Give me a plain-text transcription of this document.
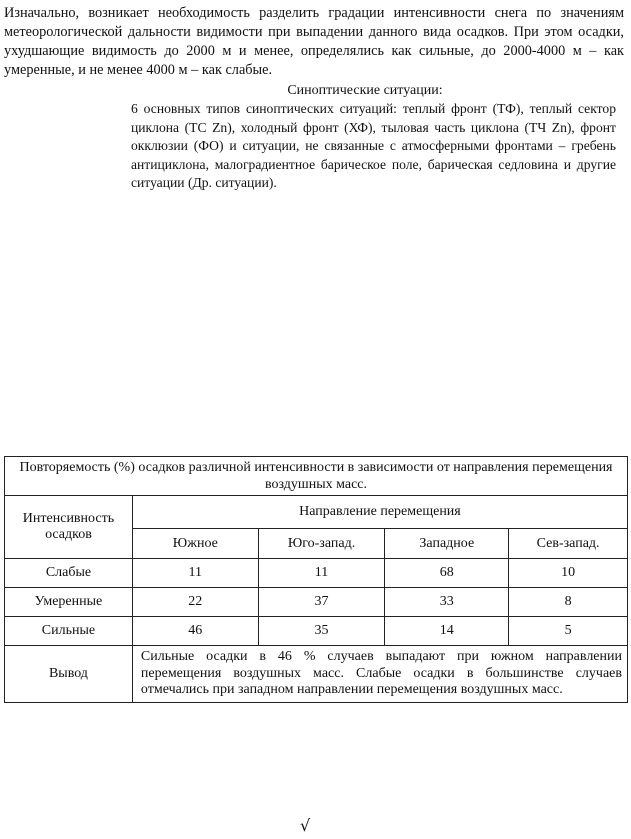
Изначально, возникает необходимость разделить градации интенсивности снега по значениям метеорологической дальности видимости при выпадении данного вида осадков. При этом осадки, ухудшающие видимость до 2000 м и менее, определялись как сильные, до 2000-4000 м – как умеренные, и не менее 4000 м – как слабые.

Синоптические ситуации:
6 основных типов синоптических ситуаций: теплый фронт (ТФ), теплый сектор циклона (ТС Zn), холодный фронт (ХФ), тыловая часть циклона (ТЧ Zn), фронт окклюзии (ФО) и ситуации, не связанные с атмосферными фронтами – гребень антициклона, малоградиентное барическое поле, барическая седловина и другие ситуации (Др. ситуации).
Повторяемость (%) осадков различной интенсивности в зависимости от направления перемещения воздушных масс.				
Интенсивность осадков	Направление перемещения			
	Южное	Юго-запад.	Западное	Сев-запад.
Слабые	11	11	68	10
Умеренные	22	37	33	8
Сильные	46	35	14	5
Вывод	Сильные осадки в 46 % случаев выпадают при южном направлении перемещения воздушных масс. Слабые осадки в большинстве случаев отмечались при западном направлении перемещения воздушных масс.			
√
